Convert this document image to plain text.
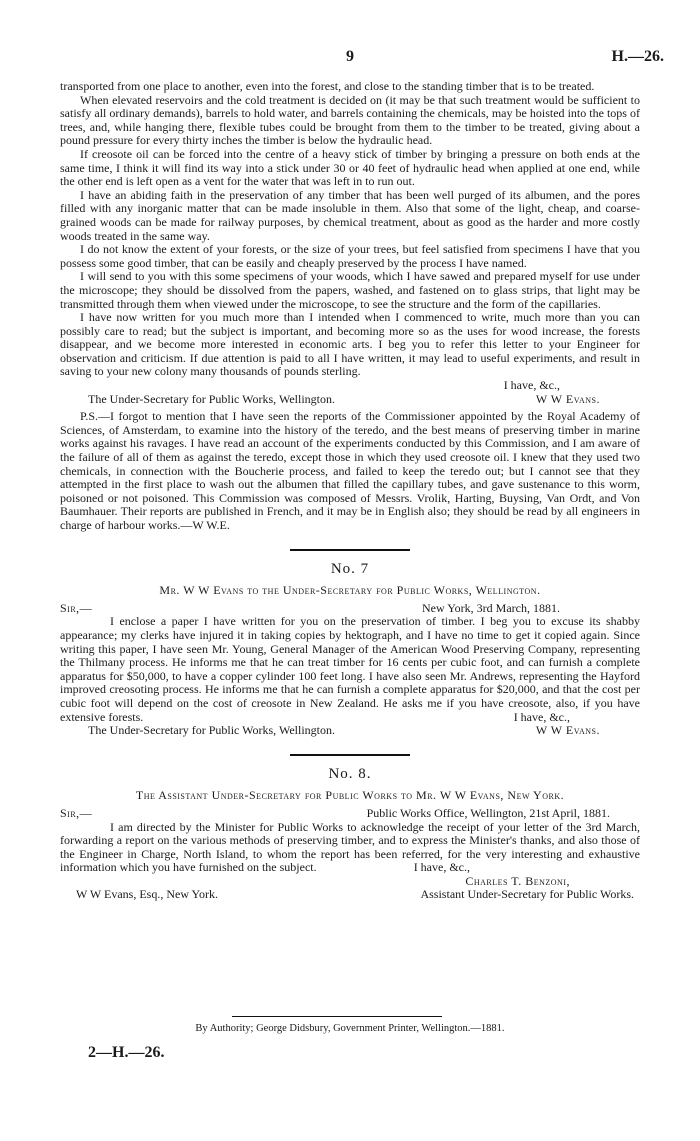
9	H.—26.

transported from one place to another, even into the forest, and close to the standing timber that is to be treated.

When elevated reservoirs and the cold treatment is decided on (it may be that such treatment would be sufficient to satisfy all ordinary demands), barrels to hold water, and barrels containing the chemicals, may be hoisted into the tops of trees, and, while hanging there, flexible tubes could be brought from them to the timber to be treated, giving about a pound pressure for every thirty inches the timber is below the hydraulic head.

If creosote oil can be forced into the centre of a heavy stick of timber by bringing a pressure on both ends at the same time, I think it will find its way into a stick under 30 or 40 feet of hydraulic head when applied at one end, while the other end is left open as a vent for the water that was left in to run out.

I have an abiding faith in the preservation of any timber that has been well purged of its albumen, and the pores filled with any inorganic matter that can be made insoluble in them. Also that some of the light, cheap, and coarse-grained woods can be made for railway purposes, by chemical treatment, about as good as the harder and more costly woods treated in the same way.

I do not know the extent of your forests, or the size of your trees, but feel satisfied from specimens I have that you possess some good timber, that can be easily and cheaply preserved by the process I have named.

I will send to you with this some specimens of your woods, which I have sawed and prepared myself for use under the microscope; they should be dissolved from the papers, washed, and fastened on to glass strips, that light may be transmitted through them when viewed under the microscope, to see the structure and the form of the capillaries.

I have now written for you much more than I intended when I commenced to write, much more than you can possibly care to read; but the subject is important, and becoming more so as the uses for wood increase, the forests disappear, and we become more interested in economic arts. I beg you to refer this letter to your Engineer for observation and criticism. If due attention is paid to all I have written, it may lead to useful experiments, and result in saving to your new colony many thousands of pounds sterling.

I have, &c.,
The Under-Secretary for Public Works, Wellington.	W W Evans.

P.S.—I forgot to mention that I have seen the reports of the Commissioner appointed by the Royal Academy of Sciences, of Amsterdam, to examine into the history of the teredo, and the best means of preserving timber in marine works against his ravages. I have read an account of the experiments conducted by this Commission, and I am aware of the failure of all of them as against the teredo, except those in which they used creosote oil. I knew that they used two chemicals, in connection with the Boucherie process, and failed to keep the teredo out; but I cannot see that they attempted in the first place to wash out the albumen that filled the capillary tubes, and gave sustenance to this worm, poisoned or not poisoned. This Commission was composed of Messrs. Vrolik, Harting, Buysing, Van Ordt, and Von Baumhauer. Their reports are published in French, and it may be in English also; they should be read by all engineers in charge of harbour works.—W W.E.

No. 7
Mr. W W Evans to the Under-Secretary for Public Works, Wellington.
Sir,—	New York, 3rd March, 1881.

I enclose a paper I have written for you on the preservation of timber. I beg you to excuse its shabby appearance; my clerks have injured it in taking copies by hektograph, and I have no time to get it copied again. Since writing this paper, I have seen Mr. Young, General Manager of the American Wood Preserving Company, representing the Thilmany process. He informs me that he can treat timber for 16 cents per cubic foot, and can furnish a complete apparatus for $50,000, to have a copper cylinder 100 feet long. I have also seen Mr. Andrews, representing the Hayford improved creosoting process. He informs me that he can furnish a complete apparatus for $20,000, and that the cost per cubic foot will depend on the cost of creosote in New Zealand. He asks me if you have creosote, also, if you have extensive forests.	I have, &c.,
The Under-Secretary for Public Works, Wellington.	W W Evans.
No. 8.
The Assistant Under-Secretary for Public Works to Mr. W W Evans, New York.
Sir,—	Public Works Office, Wellington, 21st April, 1881.

I am directed by the Minister for Public Works to acknowledge the receipt of your letter of the 3rd March, forwarding a report on the various methods of preserving timber, and to express the Minister's thanks, and also those of the Engineer in Charge, North Island, to whom the report has been referred, for the very interesting and exhaustive information which you have furnished on the subject.	I have, &c.,
Charles T. Benzoni,
W W Evans, Esq., New York.	Assistant Under-Secretary for Public Works.
By Authority; George Didsbury, Government Printer, Wellington.—1881.
2—H.—26.
